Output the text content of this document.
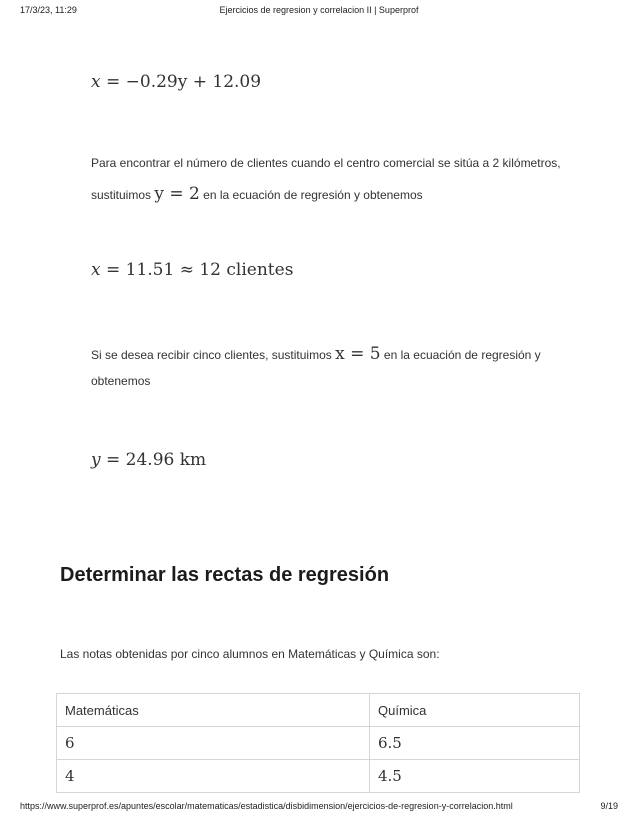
17/3/23, 11:29	Ejercicios de regresion y correlacion II | Superprof
x = −0.29y + 12.09
Para encontrar el número de clientes cuando el centro comercial se sitúa a 2 kilómetros,
sustituimos y = 2 en la ecuación de regresión y obtenemos
x = 11.51 ≈ 12 clientes
Si se desea recibir cinco clientes, sustituimos x = 5 en la ecuación de regresión y
obtenemos
y = 24.96 km
Determinar las rectas de regresión
Las notas obtenidas por cinco alumnos en Matemáticas y Química son:
Matemáticas	Química
6	6.5
4	4.5
https://www.superprof.es/apuntes/escolar/matematicas/estadistica/disbidimension/ejercicios-de-regresion-y-correlacion.html	9/19
